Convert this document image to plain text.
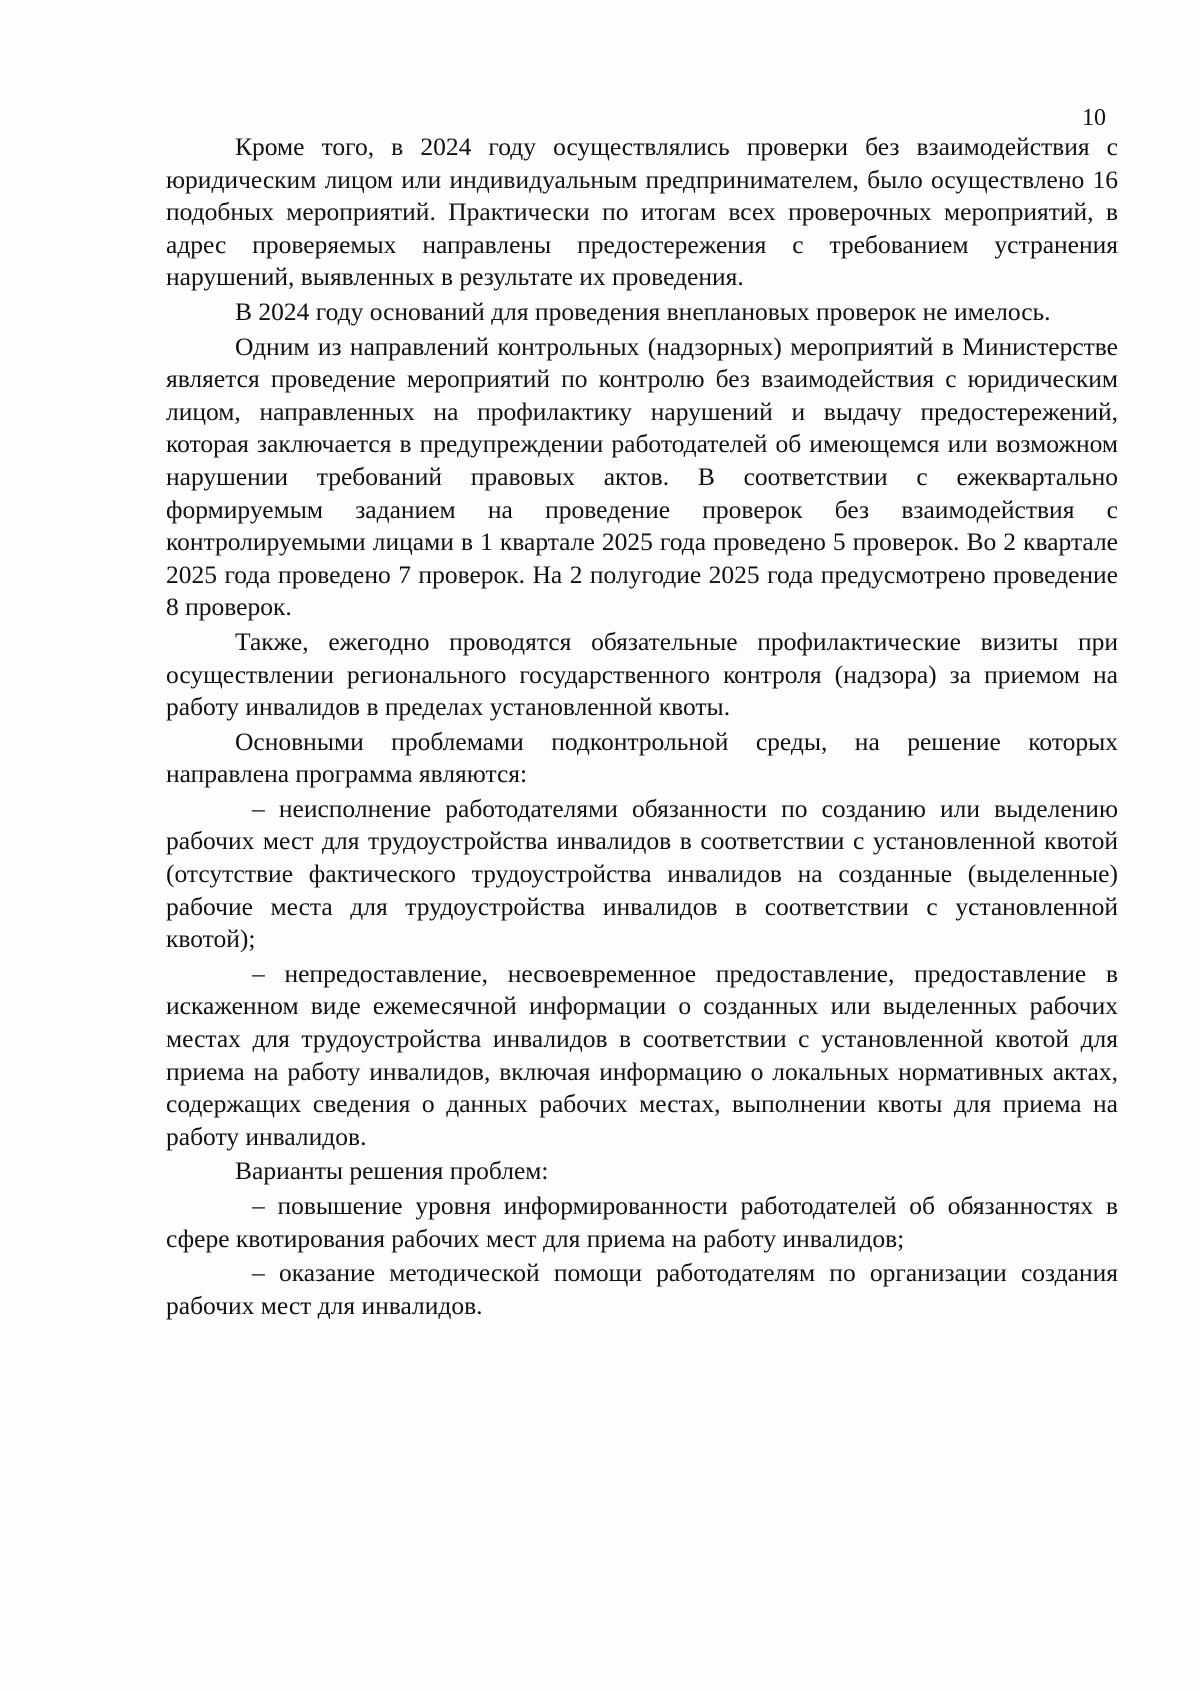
10

Кроме того, в 2024 году осуществлялись проверки без взаимодействия с юридическим лицом или индивидуальным предпринимателем, было осуществлено 16 подобных мероприятий. Практически по итогам всех проверочных мероприятий, в адрес проверяемых направлены предостережения с требованием устранения нарушений, выявленных в результате их проведения.

В 2024 году оснований для проведения внеплановых проверок не имелось.

Одним из направлений контрольных (надзорных) мероприятий в Министерстве является проведение мероприятий по контролю без взаимодействия с юридическим лицом, направленных на профилактику нарушений и выдачу предостережений, которая заключается в предупреждении работодателей об имеющемся или возможном нарушении требований правовых актов. В соответствии с ежеквартально формируемым заданием на проведение проверок без взаимодействия с контролируемыми лицами в 1 квартале 2025 года проведено 5 проверок. Во 2 квартале 2025 года проведено 7 проверок. На 2 полугодие 2025 года предусмотрено проведение 8 проверок.

Также, ежегодно проводятся обязательные профилактические визиты при осуществлении регионального государственного контроля (надзора) за приемом на работу инвалидов в пределах установленной квоты.

Основными проблемами подконтрольной среды, на решение которых направлена программа являются:

– неисполнение работодателями обязанности по созданию или выделению рабочих мест для трудоустройства инвалидов в соответствии с установленной квотой (отсутствие фактического трудоустройства инвалидов на созданные (выделенные) рабочие места для трудоустройства инвалидов в соответствии с установленной квотой);

– непредоставление, несвоевременное предоставление, предоставление в искаженном виде ежемесячной информации о созданных или выделенных рабочих местах для трудоустройства инвалидов в соответствии с установленной квотой для приема на работу инвалидов, включая информацию о локальных нормативных актах, содержащих сведения о данных рабочих местах, выполнении квоты для приема на работу инвалидов.

Варианты решения проблем:

– повышение уровня информированности работодателей об обязанностях в сфере квотирования рабочих мест для приема на работу инвалидов;

– оказание методической помощи работодателям по организации создания рабочих мест для инвалидов.
